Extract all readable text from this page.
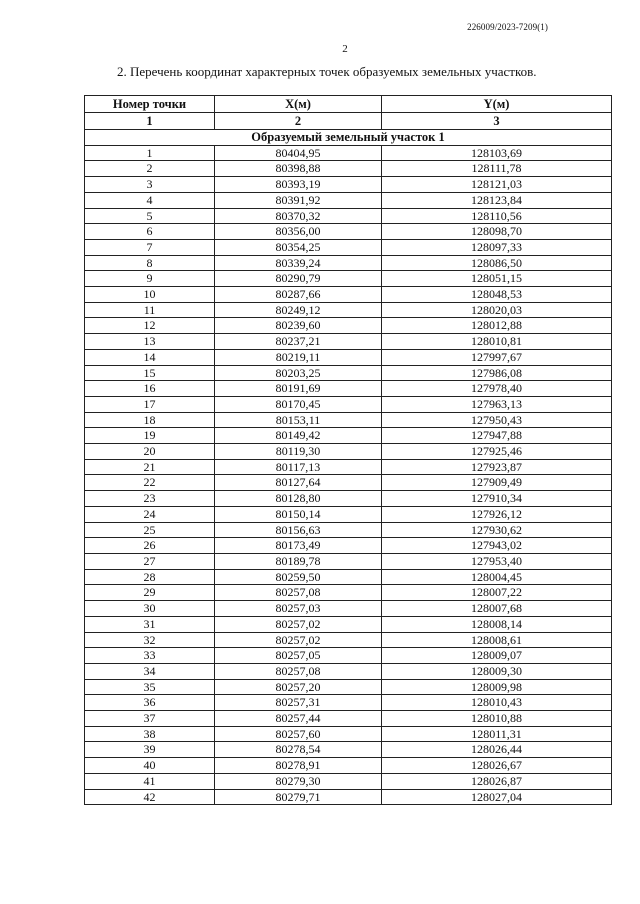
226009/2023-7209(1)
2
2. Перечень координат характерных точек образуемых земельных участков.
Номер точки	X(м)	Y(м)
1	2	3
Образуемый земельный участок 1		
1	80404,95	128103,69
2	80398,88	128111,78
3	80393,19	128121,03
4	80391,92	128123,84
5	80370,32	128110,56
6	80356,00	128098,70
7	80354,25	128097,33
8	80339,24	128086,50
9	80290,79	128051,15
10	80287,66	128048,53
11	80249,12	128020,03
12	80239,60	128012,88
13	80237,21	128010,81
14	80219,11	127997,67
15	80203,25	127986,08
16	80191,69	127978,40
17	80170,45	127963,13
18	80153,11	127950,43
19	80149,42	127947,88
20	80119,30	127925,46
21	80117,13	127923,87
22	80127,64	127909,49
23	80128,80	127910,34
24	80150,14	127926,12
25	80156,63	127930,62
26	80173,49	127943,02
27	80189,78	127953,40
28	80259,50	128004,45
29	80257,08	128007,22
30	80257,03	128007,68
31	80257,02	128008,14
32	80257,02	128008,61
33	80257,05	128009,07
34	80257,08	128009,30
35	80257,20	128009,98
36	80257,31	128010,43
37	80257,44	128010,88
38	80257,60	128011,31
39	80278,54	128026,44
40	80278,91	128026,67
41	80279,30	128026,87
42	80279,71	128027,04
